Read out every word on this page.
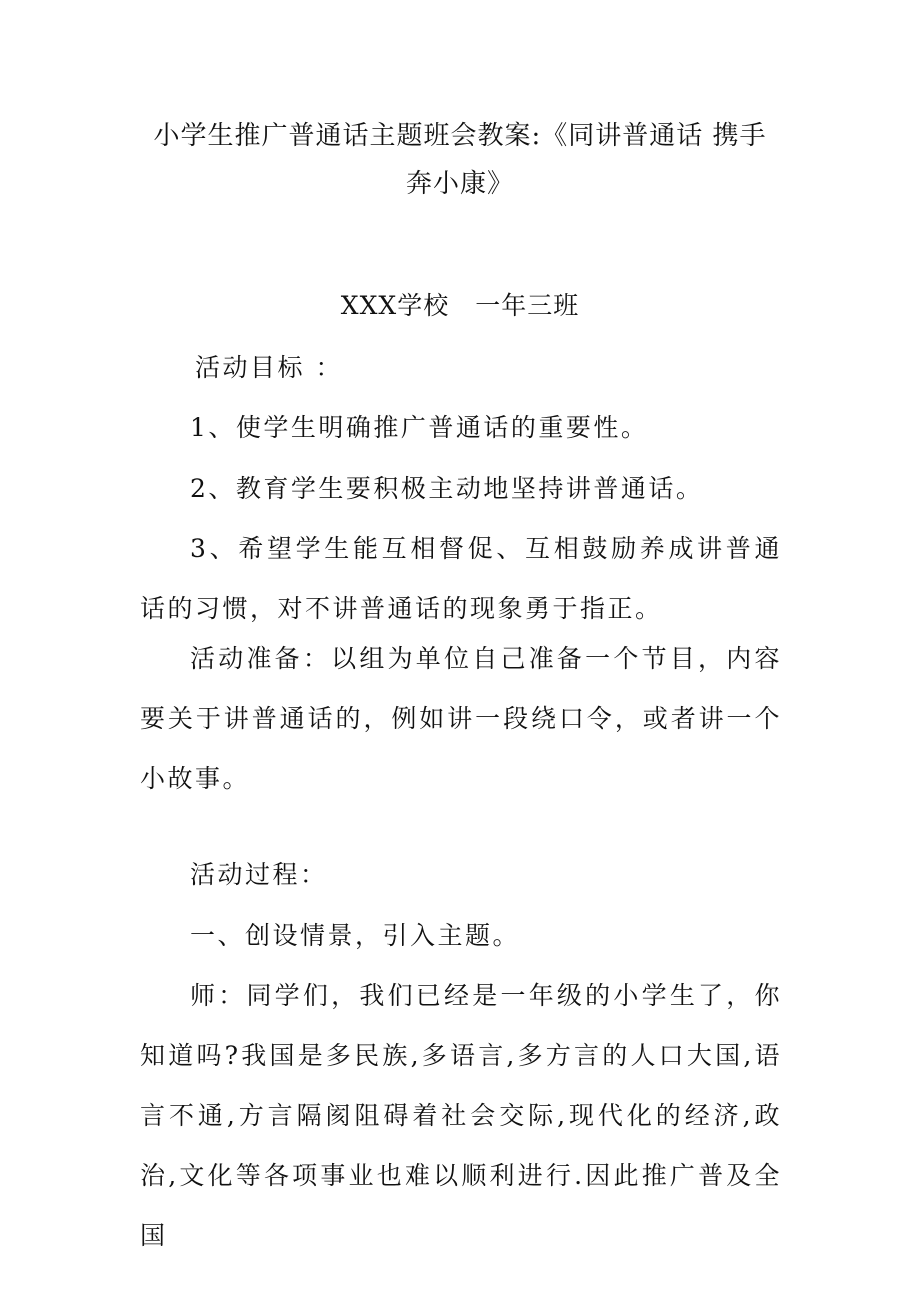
小学生推广普通话主题班会教案:《同讲普通话 携手奔小康》
XXX学校　一年三班

活动目标 ：

1、使学生明确推广普通话的重要性。

2、教育学生要积极主动地坚持讲普通话。

3、希望学生能互相督促、互相鼓励养成讲普通话的习惯，对不讲普通话的现象勇于指正。

活动准备：以组为单位自己准备一个节目，内容要关于讲普通话的，例如讲一段绕口令，或者讲一个小故事。

活动过程：

一、创设情景，引入主题。

师：同学们，我们已经是一年级的小学生了，你知道吗?我国是多民族,多语言,多方言的人口大国,语言不通,方言隔阂阻碍着社会交际,现代化的经济,政治,文化等各项事业也难以顺利进行.因此推广普及全国
